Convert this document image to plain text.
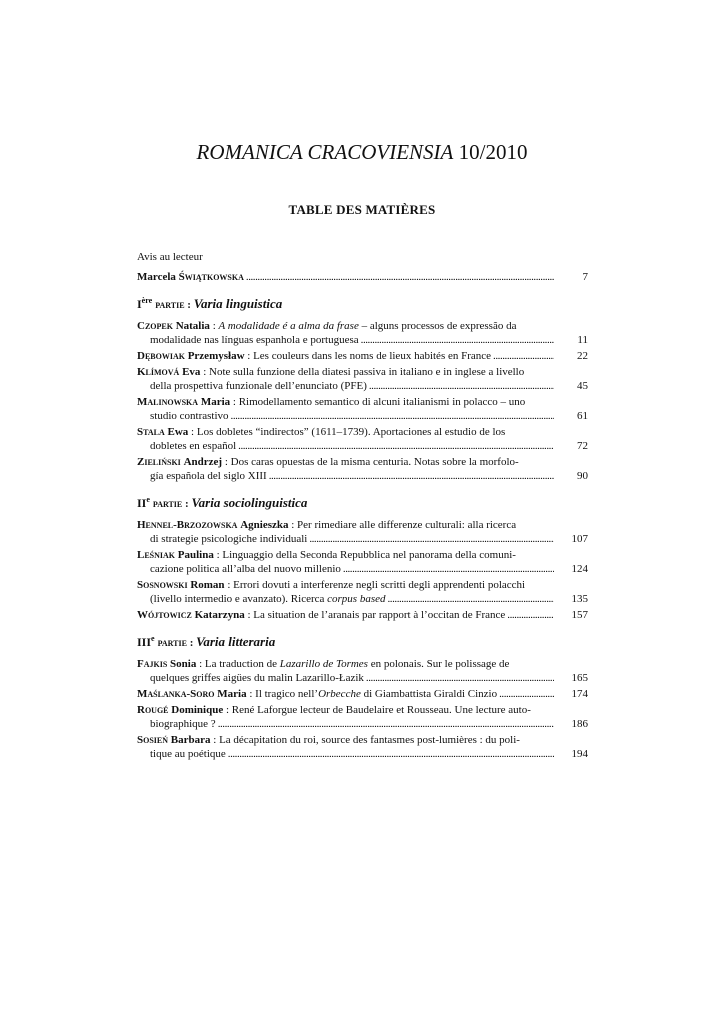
ROMANICA CRACOVIENSIA 10/2010
TABLE DES MATIÈRES
Avis au lecteur
Marcela Świątkowska . . .	7
Ière partie : Varia linguistica
Czopek Natalia : A modalidade é a alma da frase – alguns processos de expressão da
modalidade nas línguas espanhola e portuguesa . . .	11
Dębowiak Przemysław : Les couleurs dans les noms de lieux habités en France . . .	22
Klímová Eva : Note sulla funzione della diatesi passiva in italiano e in inglese a livello
della prospettiva funzionale dell’enunciato (PFE) . . .	45
Malinowska Maria : Rimodellamento semantico di alcuni italianismi in polacco – uno
studio contrastivo . . .	61
Stala Ewa : Los dobletes “indirectos” (1611–1739). Aportaciones al estudio de los
dobletes en español . . .	72
Zieliński Andrzej : Dos caras opuestas de la misma centuria. Notas sobre la morfolo-
gía española del siglo XIII . . .	90
IIe partie : Varia sociolinguistica
Hennel-Brzozowska Agnieszka : Per rimediare alle differenze culturali: alla ricerca
di strategie psicologiche individuali . . .	107
Leśniak Paulina : Linguaggio della Seconda Repubblica nel panorama della comuni-
cazione politica all’alba del nuovo millenio . . .	124
Sosnowski Roman : Errori dovuti a interferenze negli scritti degli apprendenti polacchi
(livello intermedio e avanzato). Ricerca corpus based . . .	135
Wójtowicz Katarzyna : La situation de l’aranais par rapport à l’occitan de France . . .	157
IIIe partie : Varia litteraria
Fajkis Sonia : La traduction de Lazarillo de Tormes en polonais. Sur le polissage de
quelques griffes aigües du malin Lazarillo-Łazik . . .	165
Maślanka-Soro Maria : Il tragico nell’Orbecche di Giambattista Giraldi Cinzio . . .	174
Rougé Dominique : René Laforgue lecteur de Baudelaire et Rousseau. Une lecture auto-
biographique ? . . .	186
Sosień Barbara : La décapitation du roi, source des fantasmes post-lumières : du poli-
tique au poétique . . .	194
